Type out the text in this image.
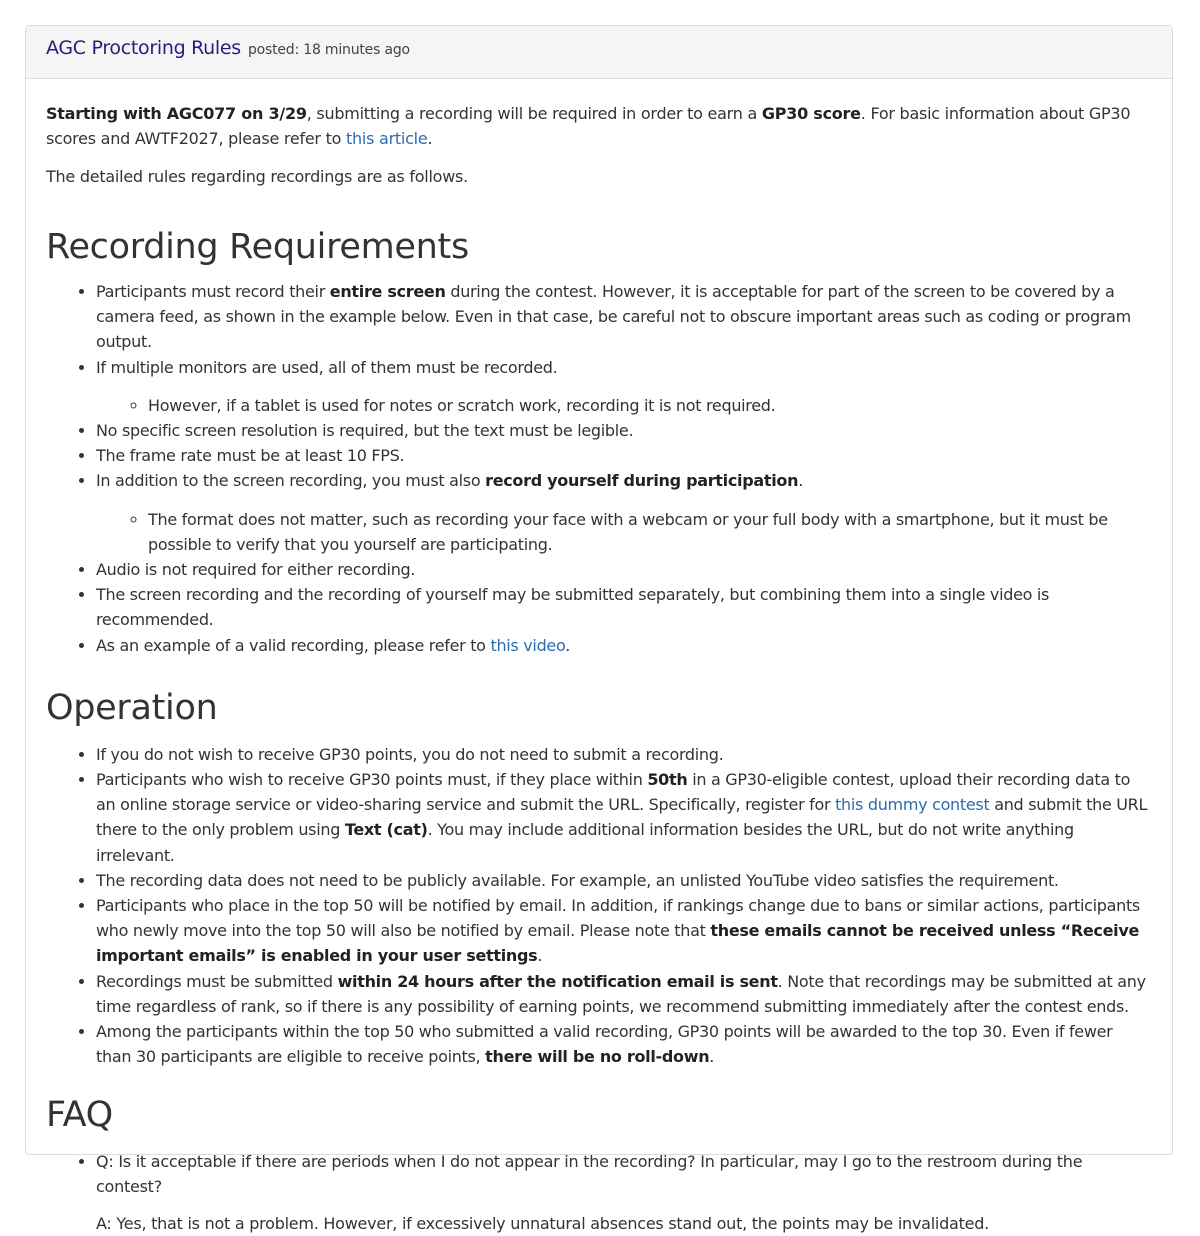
AGC Proctoring Rules posted: 18 minutes ago

Starting with AGC077 on 3/29, submitting a recording will be required in order to earn a GP30 score. For basic information about GP30 scores and AWTF2027, please refer to this article.

The detailed rules regarding recordings are as follows.

Recording Requirements
• Participants must record their entire screen during the contest. However, it is acceptable for part of the screen to be covered by a camera feed, as shown in the example below. Even in that case, be careful not to obscure important areas such as coding or program output.
• If multiple monitors are used, all of them must be recorded.
◦ However, if a tablet is used for notes or scratch work, recording it is not required.
• No specific screen resolution is required, but the text must be legible.
• The frame rate must be at least 10 FPS.
• In addition to the screen recording, you must also record yourself during participation.
◦ The format does not matter, such as recording your face with a webcam or your full body with a smartphone, but it must be possible to verify that you yourself are participating.
• Audio is not required for either recording.
• The screen recording and the recording of yourself may be submitted separately, but combining them into a single video is recommended.
• As an example of a valid recording, please refer to this video.
Operation
• If you do not wish to receive GP30 points, you do not need to submit a recording.
• Participants who wish to receive GP30 points must, if they place within 50th in a GP30-eligible contest, upload their recording data to an online storage service or video-sharing service and submit the URL. Specifically, register for this dummy contest and submit the URL there to the only problem using Text (cat). You may include additional information besides the URL, but do not write anything irrelevant.
• The recording data does not need to be publicly available. For example, an unlisted YouTube video satisfies the requirement.
• Participants who place in the top 50 will be notified by email. In addition, if rankings change due to bans or similar actions, participants who newly move into the top 50 will also be notified by email. Please note that these emails cannot be received unless “Receive important emails” is enabled in your user settings.
• Recordings must be submitted within 24 hours after the notification email is sent. Note that recordings may be submitted at any time regardless of rank, so if there is any possibility of earning points, we recommend submitting immediately after the contest ends.
• Among the participants within the top 50 who submitted a valid recording, GP30 points will be awarded to the top 30. Even if fewer than 30 participants are eligible to receive points, there will be no roll-down.
FAQ

• Q: Is it acceptable if there are periods when I do not appear in the recording? In particular, may I go to the restroom during the contest?

A: Yes, that is not a problem. However, if excessively unnatural absences stand out, the points may be invalidated.
